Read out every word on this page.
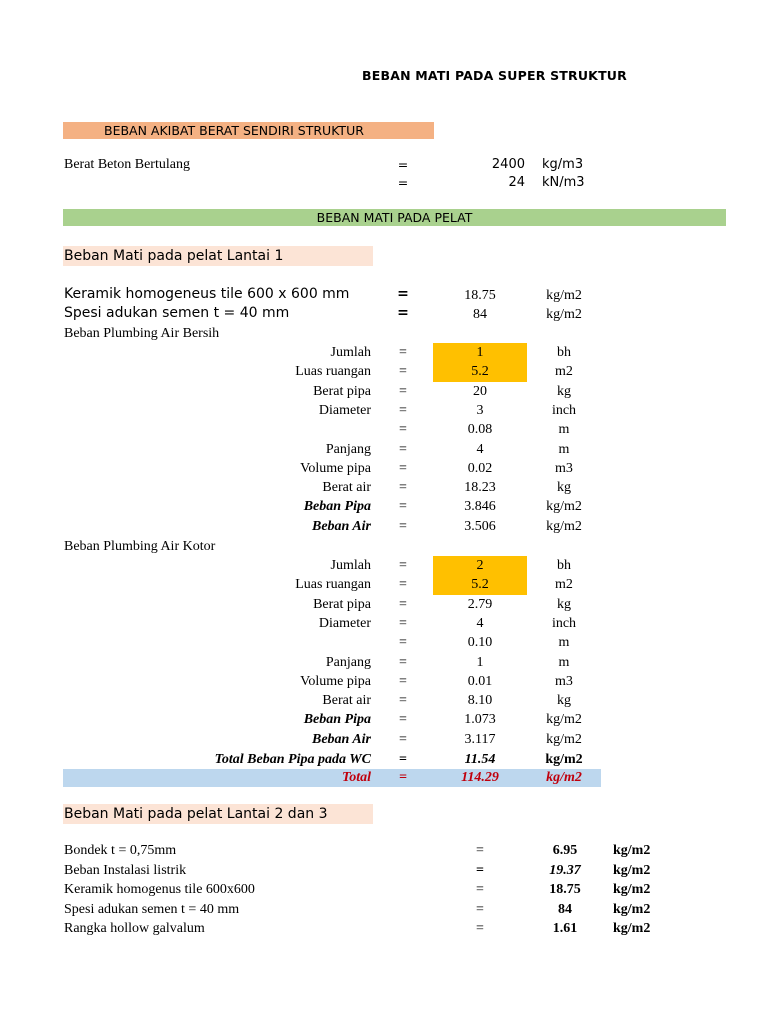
BEBAN MATI PADA SUPER STRUKTUR
BEBAN AKIBAT BERAT SENDIRI STRUKTUR
Berat Beton Bertulang	=	2400 kg/m3
=	24 kN/m3
BEBAN MATI PADA PELAT
Beban Mati pada pelat Lantai 1
Keramik homogeneus tile 600 x 600 mm	=	18.75	kg/m2
Spesi adukan semen t = 40 mm	=	84	kg/m2
Beban Plumbing Air Bersih
Jumlah	=	1	bh
Luas ruangan	=	5.2	m2
Berat pipa	=	20	kg
Diameter	=	3	inch
=	0.08	m
Panjang	=	4	m
Volume pipa	=	0.02	m3
Berat air	=	18.23	kg
Beban Pipa	=	3.846	kg/m2
Beban Air	=	3.506	kg/m2
Beban Plumbing Air Kotor
Jumlah	=	2	bh
Luas ruangan	=	5.2	m2
Berat pipa	=	2.79	kg
Diameter	=	4	inch
=	0.10	m
Panjang	=	1	m
Volume pipa	=	0.01	m3
Berat air	=	8.10	kg
Beban Pipa	=	1.073	kg/m2
Beban Air	=	3.117	kg/m2
Total Beban Pipa pada WC	=	11.54	kg/m2
Total	=	114.29	kg/m2
Beban Mati pada pelat Lantai 2 dan 3
Bondek t = 0,75mm	=	6.95	kg/m2
Beban Instalasi listrik	=	19.37	kg/m2
Keramik homogenus tile 600x600	=	18.75	kg/m2
Spesi adukan semen t = 40 mm	=	84	kg/m2
Rangka hollow galvalum	=	1.61	kg/m2
